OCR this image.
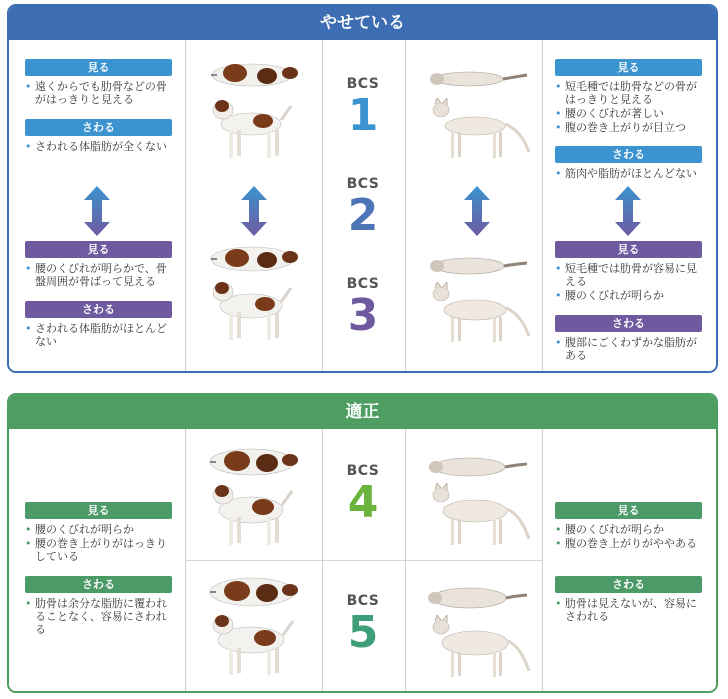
やせている
見る
• 遠くからでも肋骨などの骨がはっきりと見える
さわる
• さわれる体脂肪が全くない
見る
• 腰のくびれが明らかで、骨盤周囲が骨ばって見える
さわる
• さわれる体脂肪がほとんどない
BCS
1
BCS
2
BCS
3
見る
• 短毛種では肋骨などの骨がはっきりと見える
• 腰のくびれが著しい
• 腹の巻き上がりが目立つ
さわる
• 筋肉や脂肪がほとんどない
見る
• 短毛種では肋骨が容易に見える
• 腰のくびれが明らか
さわる
• 腹部にごくわずかな脂肪がある
適正
見る
• 腰のくびれが明らか
• 腰の巻き上がりがはっきりしている
さわる
• 肋骨は余分な脂肪に覆われることなく、容易にさわれる
BCS
4
BCS
5
見る
• 腰のくびれが明らか
• 腹の巻き上がりがややある
さわる
• 肋骨は見えないが、容易にさわれる
